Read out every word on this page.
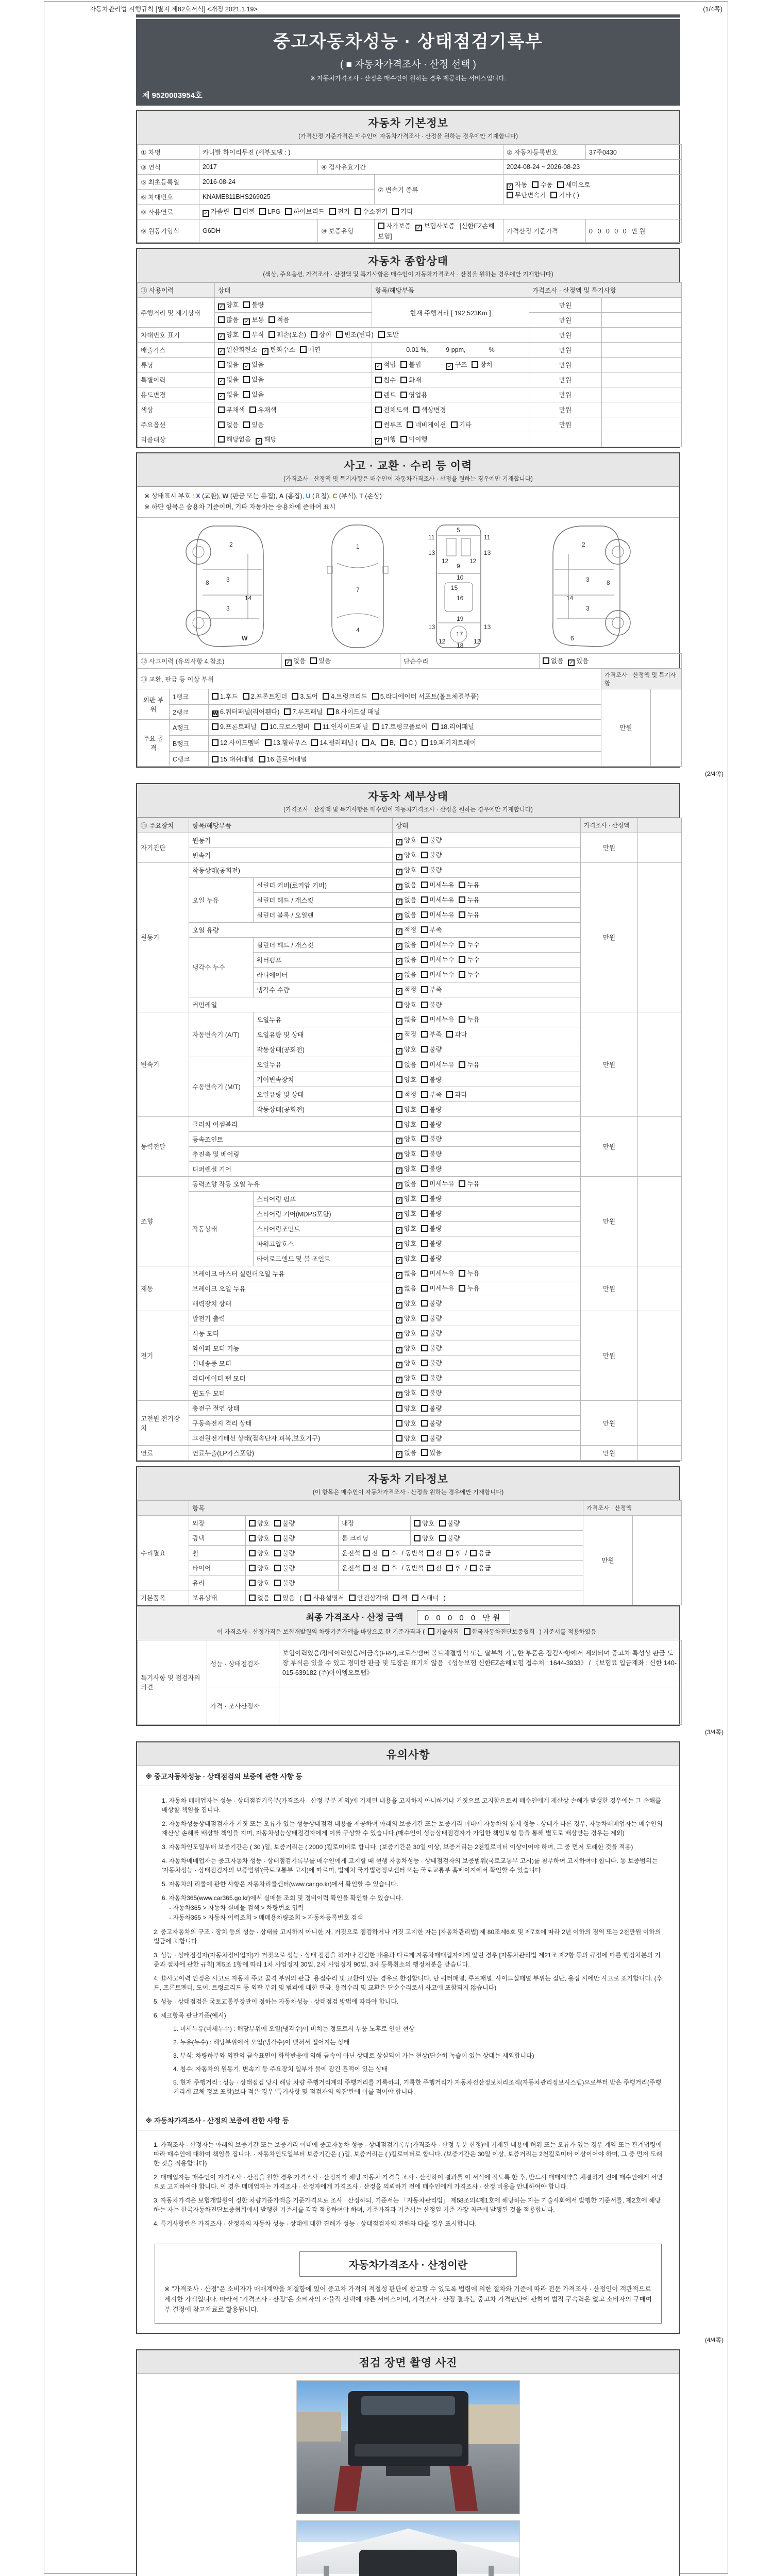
자동차관리법 시행규칙 [별지 제82호서식] <개정 2021.1.19>	(1/4쪽)
중고자동차성능 · 상태점검기록부
( ■ 자동차가격조사 · 산정 선택 )
※ 자동차가격조사 · 산정은 매수인이 원하는 경우 제공하는 서비스입니다.
제 9520003954호
자동차 기본정보
(가격산정 기준가격은 매수인이 자동차가격조사 · 산정을 원하는 경우에만 기재합니다)
① 차명	카니발 하이리무진 (세부모델 : )			② 자동차등록번호	37주0430
③ 연식	2017	④ 검사유효기간		2024-08-24 ~ 2026-08-23	
⑤ 최초등록일	2016-08-24		⑦ 변속기 종류	✓ 자동 수동 세미오토
무단변속기 기타 ( )	

⑥ 차대번호	KNAME811BHS269025				
⑧ 사용연료	✓ 가솔린 디젤 LPG 하이브리드 전기 수소전기 기타				
⑨ 원동기형식	G6DH	⑩ 보증유형	자가보증 ✓ 보험사보증 [신한EZ손해보험]	가격산정 기준가격	0 0 0 0 0 만원
자동차 종합상태
(색상, 주요옵션, 가격조사 · 산정액 및 특기사항은 매수인이 자동차가격조사 · 산정을 원하는 경우에만 기재합니다)
⑪ 사용이력	상태	항목/해당부품	가격조사 · 산정액 및 특기사항	
주행거리 및 계기상태	✓ 양호 불량	현재 주행거리 [ 192,523Km ]	만원	
	많음 ✓ 보통 적음		만원	
차대번호 표기	✓ 양호 부식 훼손(오손) 상이 변조(변타) 도말		만원	
배출가스	✓ 일산화탄소 ✓ 탄화수소 매연	0.01 %,          9 ppm,             %	만원	
튜닝	없음 ✓ 있음	✓ 적법 불법 ✓ 구조 장치	만원	
특별이력	✓ 없음 있음	침수 화재	만원	
용도변경	✓ 없음 있음	렌트 영업용	만원	
색상	무채색 유채색	전체도색 색상변경	만원	
주요옵션	없음 있음	썬루프 네비게이션 기타	만원	
리콜대상	해당없음 ✓ 해당	✓ 이행 미이행		
사고 · 교환 · 수리 등 이력
(가격조사 · 산정액 및 특기사항은 매수인이 자동차가격조사 · 산정을 원하는 경우에만 기재합니다)
※ 상태표시 부호 : X (교환), W (판금 또는 용접), A (흠집), U (요철), C (부식), T (손상)
※ 하단 항목은 승용차 기준이며, 기타 자동차는 승용차에 준하여 표시
2
8	3
14
3
W
1
7
4
5
11	11
13	13
12	12
9
10
15
16
19
13	13
12	12
17
18
2
3	8
14
3
6
⑫ 사고이력 (유의사항 4.참조)	✓ 없음 있음	단순수리	없음 ✓ 있음
⑬ 교환, 판금 등 이상 부위			가격조사 · 산정액 및 특기사항	
외판 부위	1랭크	1.후드 2.프론트휀더 3.도어 4.트렁크리드 5.라디에이터 서포트(볼트체결부품)	만원	
	2랭크	W 6.쿼터패널(리어휀다) 7.루프패널 8.사이드실 패널		
주요 골격	A랭크	9.프론트패널 10.크로스멤버 11.인사이드패널 17.트렁크플로어 18.리어패널		
	B랭크	12.사이드멤버 13.휠하우스 14.필러패널 ( A, B, C ) 19.패키지트레이		
	C랭크	15.대쉬패널 16.플로어패널		
(2/4쪽)
자동차 세부상태
(가격조사 · 산정액 및 특기사항은 매수인이 자동차가격조사 · 산정을 원하는 경우에만 기재합니다)
⑭ 주요장치	항목/해당부품		상태	가격조사 · 산정액	
자기진단	원동기		✓ 양호 불량	만원	
	변속기		✓ 양호 불량		
원동기	작동상태(공회전)		✓ 양호 불량	만원	
	오일 누유	실린더 커버(로커암 커버)	✓ 없음 미세누유 누유		
		실린더 헤드 / 개스킷	✓ 없음 미세누유 누유		
		실린더 블록 / 오일팬	✓ 없음 미세누유 누유		
	오일 유량		✓ 적정 부족		
	냉각수 누수	실린더 헤드 / 개스킷	✓ 없음 미세누수 누수		
		워터펌프	✓ 없음 미세누수 누수		
		라디에이터	✓ 없음 미세누수 누수		
		냉각수 수량	✓ 적정 부족		
	커먼레일		양호 불량		
변속기	자동변속기 (A/T)	오일누유	✓ 없음 미세누유 누유	만원	
		오일유량 및 상태	✓ 적정 부족 과다		
		작동상태(공회전)	✓ 양호 불량		
	수동변속기 (M/T)	오일누유	없음 미세누유 누유		
		기어변속장치	양호 불량		
		오일유량 및 상태	적정 부족 과다		
		작동상태(공회전)	양호 불량		
동력전달	클러치 어셈블리		양호 불량	만원	
	등속조인트		✓ 양호 불량		
	추진축 및 베어링		✓ 양호 불량		
	디퍼렌셜 기어		✓ 양호 불량		
조향	동력조향 작동 오일 누유		✓ 없음 미세누유 누유	만원	
	작동상태	스티어링 펌프	✓ 양호 불량		
		스티어링 기어(MDPS포함)	✓ 양호 불량		
		스티어링조인트	✓ 양호 불량		
		파워고압호스	✓ 양호 불량		
		타이로드엔드 및 볼 조인트	✓ 양호 불량		
제동	브레이크 마스터 실린더오일 누유		✓ 없음 미세누유 누유	만원	
	브레이크 오일 누유		✓ 없음 미세누유 누유		
	배력장치 상태		✓ 양호 불량		
전기	발전기 출력		✓ 양호 불량	만원	
	시동 모터		✓ 양호 불량		
	와이퍼 모터 기능		✓ 양호 불량		
	실내송풍 모터		✓ 양호 불량		
	라디에이터 팬 모터		✓ 양호 불량		
	윈도우 모터		✓ 양호 불량		
고전원 전기장치	충전구 절연 상태		양호 불량	만원	
	구동축전지 격리 상태		양호 불량		
	고전원전기배선 상태(접속단자,피복,보호기구)		양호 불량		
연료	연료누출(LP가스포함)		✓ 없음 있음	만원	
자동차 기타정보
(이 항목은 매수인이 자동차가격조사 · 산정을 원하는 경우에만 기재합니다)
	항목				가격조사 · 산정액	
수리필요	외장	양호 불량	내장	양호 불량	만원	
	광택	양호 불량	룸 크리닝	양호 불량		
	휠	양호 불량	운전석 전 후 / 동반석 전 후 / 응급			
	타이어	양호 불량	운전석 전 후 / 동반석 전 후 / 응급			
	유리	양호 불량				
기본품목	보유상태	없음 있음 ( 사용설명서 안전삼각대 잭 스패너 )				
최종 가격조사 · 산정 금액	0 0 0 0 0 만원
이 가격조사 · 산정가격은 보험개발원의 차량기준가액을 바탕으로 한 기준가격과 ( 기술사회 한국자동차진단보증협회 ) 기준서를 적용하였음
특기사항 및 점검자의 의견	성능 · 상태점검자	보험이력있음/정비이력있음/비금속(FRP),크로스멤버 볼트체결방식 또는 탈부착 가능한 부품은 점검사항에서 제외되며 중고차 특성상 판금 도장 부식은 있을 수 있고 경미한 판금 및 도장은 표기치 않음 《성능보험 신한EZ손해보험 접수처 : 1644-3933》 / 《보험료 입금계좌 : 신한 140-015-639182 (주)아이엠오토랩》
	가격 · 조사산정자	
(3/4쪽)
유의사항
※ 중고자동차성능 · 상태점검의 보증에 관한 사항 등
1. 자동차 매매업자는 성능 · 상태점검기록부(가격조사 · 산정 부분 제외)에 기재된 내용을 고지하지 아니하거나 거짓으로 고지함으로써 매수인에게 재산상 손해가 발생한 경우에는 그 손해를 배상할 책임을 집니다.
2. 자동차성능상태점검자가 거짓 또는 오류가 있는 성능상태점검 내용을 제공하여 아래의 보증기간 또는 보증거리 이내에 자동차의 실제 성능 · 상태가 다른 경우, 자동차매매업자는 매수인의 재산상 손해를 배상할 책임을 지며, 자동차성능상태점검자에게 이를 구상할 수 있습니다.(매수인이 성능상태점검자가 가입한 책임보험 등을 통해 별도로 배상받는 경우는 제외)
3. 자동차인도일부터 보증기간은 ( 30 )일, 보증거리는 ( 2000 )킬로미터로 합니다. (보증기간은 30일 이상, 보증거리는 2천킬로미터 이상이어야 하며, 그 중 먼저 도래한 것을 적용)
4. 자동차매매업자는 중고자동차 성능 · 상태점검기록부를 매수인에게 고지할 때 현행 자동차성능 · 상태점검자의 보증범위(국토교통부 고시)를 첨부하여 고지하여야 합니다. 동 보증범위는 '자동차성능 · 상태점검자의 보증범위'(국토교통부 고시)에 따르며, 법제처 국가법령정보센터 또는 국토교통부 홈페이지에서 확인할 수 있습니다.
5. 자동차의 리콜에 관한 사항은 자동차리콜센터(www.car.go.kr)에서 확인할 수 있습니다.
6. 자동차365(www.car365.go.kr)에서 실매물 조회 및 정비이력 확인을 확인할 수 있습니다.
- 자동차365 > 자동차 실매물 검색 > 차량번호 입력
- 자동차365 > 자동차 이력조회 > 매매용차량조회 > 자동차등록번호 검색
2. 중고자동차의 구조 · 장치 등의 성능 · 상태를 고지하지 아니한 자, 거짓으로 점검하거나 거짓 고지한 자는 [자동차관리법] 제 80조제6호 및 제7호에 따라 2년 이하의 징역 또는 2천만원 이하의 벌금에 처합니다.
3. 성능 · 상태점검자(자동차정비업자)가 거짓으로 성능 · 상태 점검을 하거나 점검한 내용과 다르게 자동차매매업자에게 알린 경우 [자동차관리법 제21조 제2항 등의 규정에 따른 행정처분의 기준과 절차에 관한 규칙] 제5조 1항에 따라 1차 사업정지 30일, 2차 사업정지 90일, 3차 등록취소의 행정처분을 받습니다.
4. ⑫사고이력 인정은 사고로 자동차 주요 골격 부위의 판금, 용접수리 및 교환이 있는 경우로 한정합니다. 단 쿼터패널, 루프패널, 사이드실패널 부위는 절단, 용접 시에만 사고로 표기합니다. (후드, 프론트펜더, 도어, 트렁크리드 등 외판 부위 및 범퍼에 대한 판금, 용접수리 및 교환은 단순수리로서 사고에 포함되지 않습니다)
5. 성능 · 상태점검은 국토교통부장관이 정하는 자동차성능 · 상태점검 방법에 따라야 합니다.
6. 체크항목 판단기준(예시)
1. 미세누유(미세누수) : 해당부위에 오일(냉각수)이 비치는 정도로서 부품 노후로 인한 현상
2. 누유(누수) : 해당부위에서 오일(냉각수)이 맺혀서 떨어지는 상태
3. 부식: 차량하부와 외판의 금속표면이 화학반응에 의해 금속이 아닌 상태로 상실되어 가는 현상(단순히 녹슬어 있는 상태는 제외합니다)
4. 침수: 자동차의 원동기, 변속기 등 주요장치 일부가 물에 잠긴 흔적이 있는 상태
5. 현재 주행거리 : 성능 · 상태점검 당시 해당 차량 주행거리계의 주행거리를 기록하되, 기록한 주행거리가 자동차전산정보처리조직(자동차관리정보시스템)으로부터 받은 주행거리(주행거리계 교체 정보 포함)보다 적은 경우 '특기사항 및 점검자의 의견'란에 이를 적어야 합니다.
※ 자동차가격조사 · 산정의 보증에 관한 사항 등
1. 가격조사 · 산정자는 아래의 보증기간 또는 보증거리 이내에 중고자동차 성능 · 상태점검기록부(가격조사 · 산정 부분 한정)에 기재된 내용에 허위 또는 오류가 있는 경우 계약 또는 관계법령에 따라 매수인에 대하여 책임을 집니다. · 자동차인도일부터 보증기간은 ( )일, 보증거리는 ( )킬로미터로 합니다. (보증기간은 30일 이상, 보증거리는 2천킬로미터 이상이어야 하며, 그 중 먼저 도래한 것을 적용합니다)
2. 매매업자는 매수인이 가격조사 · 산정을 원할 경우 가격조사 · 산정자가 해당 자동차 가격을 조사 · 산정하여 결과를 이 서식에 적도록 한 후, 반드시 매매계약을 체결하기 전에 매수인에게 서면으로 고지하여야 합니다. 이 경우 매매업자는 가격조사 · 산정자에게 가격조사 · 산정을 의뢰하기 전에 매수인에게 가격조사 · 산정 비용을 안내하여야 합니다.
3. 자동차가격은 보험개발원이 정한 차량기준가액을 기준가격으로 조사 · 산정하되, 기준서는 「자동차관리법」 제58조의4제1호에 해당하는 자는 기술사회에서 발행한 기준서를, 제2호에 해당하는 자는 한국자동차진단보증협회에서 발행한 기준서를 각각 적용하여야 하며, 기준가격과 기준서는 산정일 기준 가장 최근에 발행된 것을 적용합니다.
4. 특기사항란은 가격조사 · 산정자의 자동차 성능 · 상태에 대한 견해가 성능 · 상태점검자의 견해와 다를 경우 표시합니다.
자동차가격조사 · 산정이란
※ "가격조사 · 산정"은 소비자가 매매계약을 체결함에 있어 중고차 가격의 적절성 판단에 참고할 수 있도록 법령에 의한 절차와 기준에 따라 전문 가격조사 · 산정인이 객관적으로 제시한 가액입니다. 따라서 "가격조사 · 산정"은 소비자의 자율적 선택에 따른 서비스이며, 가격조사 · 산정 결과는 중고차 가격판단에 관하여 법적 구속력은 없고 소비자의 구매여부 결정에 참고자료로 활용됩니다.
(4/4쪽)
점검 장면 촬영 사진
